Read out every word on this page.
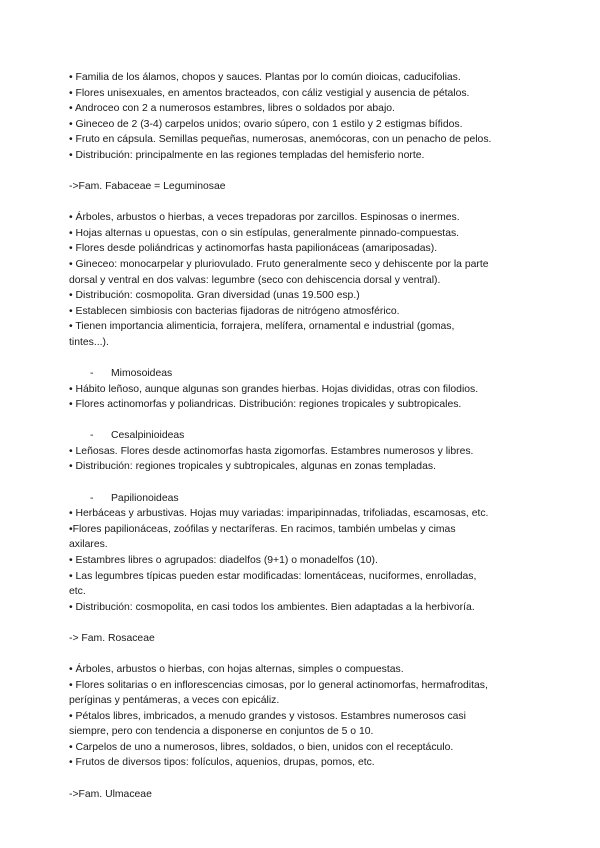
• Familia de los álamos, chopos y sauces. Plantas por lo común dioicas, caducifolias.
• Flores unisexuales, en amentos bracteados, con cáliz vestigial y ausencia de pétalos.
• Androceo con 2 a numerosos estambres, libres o soldados por abajo.
• Gineceo de 2 (3-4) carpelos unidos; ovario súpero, con 1 estilo y 2 estigmas bífidos.
• Fruto en cápsula. Semillas pequeñas, numerosas, anemócoras, con un penacho de pelos.
• Distribución: principalmente en las regiones templadas del hemisferio norte.
->Fam. Fabaceae = Leguminosae
• Árboles, arbustos o hierbas, a veces trepadoras por zarcillos. Espinosas o inermes.
• Hojas alternas u opuestas, con o sin estípulas, generalmente pinnado-compuestas.
• Flores desde poliándricas y actinomorfas hasta papilionáceas (amariposadas).
• Gineceo: monocarpelar y pluriovulado. Fruto generalmente seco y dehiscente por la parte
dorsal y ventral en dos valvas: legumbre (seco con dehiscencia dorsal y ventral).
• Distribución: cosmopolita. Gran diversidad (unas 19.500 esp.)
• Establecen simbiosis con bacterias fijadoras de nitrógeno atmosférico.
• Tienen importancia alimenticia, forrajera, melífera, ornamental e industrial (gomas,
tintes...).
- Mimosoideas
• Hábito leñoso, aunque algunas son grandes hierbas. Hojas divididas, otras con filodios.
• Flores actinomorfas y poliandricas. Distribución: regiones tropicales y subtropicales.
- Cesalpinioideas
• Leñosas. Flores desde actinomorfas hasta zigomorfas. Estambres numerosos y libres.
• Distribución: regiones tropicales y subtropicales, algunas en zonas templadas.
- Papilionoideas
• Herbáceas y arbustivas. Hojas muy variadas: imparipinnadas, trifoliadas, escamosas, etc.
•Flores papilionáceas, zoófilas y nectaríferas. En racimos, también umbelas y cimas
axilares.
• Estambres libres o agrupados: diadelfos (9+1) o monadelfos (10).
• Las legumbres típicas pueden estar modificadas: lomentáceas, nuciformes, enrolladas,
etc.
• Distribución: cosmopolita, en casi todos los ambientes. Bien adaptadas a la herbivoría.
-> Fam. Rosaceae
• Árboles, arbustos o hierbas, con hojas alternas, simples o compuestas.
• Flores solitarias o en inflorescencias cimosas, por lo general actinomorfas, hermafroditas,
períginas y pentámeras, a veces con epicáliz.
• Pétalos libres, imbricados, a menudo grandes y vistosos. Estambres numerosos casi
siempre, pero con tendencia a disponerse en conjuntos de 5 o 10.
• Carpelos de uno a numerosos, libres, soldados, o bien, unidos con el receptáculo.
• Frutos de diversos tipos: folículos, aquenios, drupas, pomos, etc.
->Fam. Ulmaceae
